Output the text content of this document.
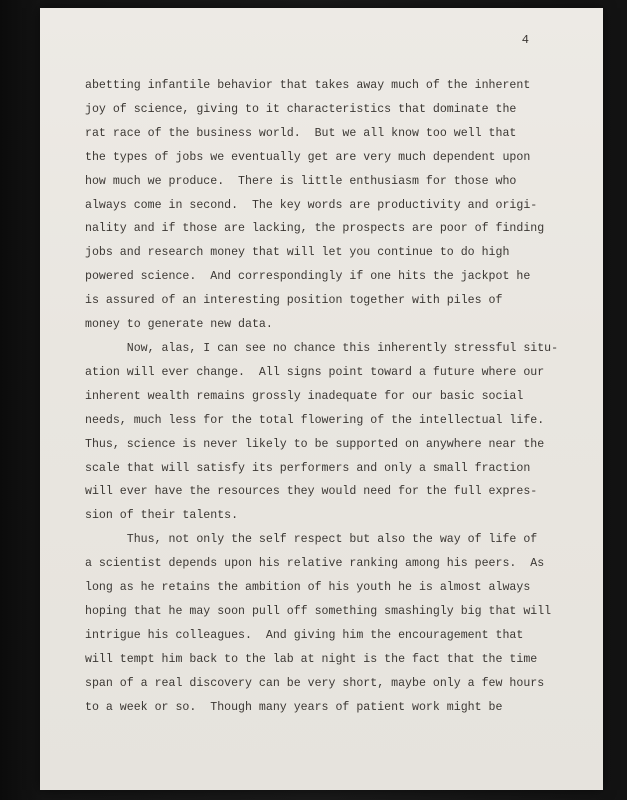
4
abetting infantile behavior that takes away much of the inherent
joy of science, giving to it characteristics that dominate the
rat race of the business world.  But we all know too well that
the types of jobs we eventually get are very much dependent upon
how much we produce.  There is little enthusiasm for those who
always come in second.  The key words are productivity and origi-
nality and if those are lacking, the prospects are poor of finding
jobs and research money that will let you continue to do high
powered science.  And correspondingly if one hits the jackpot he
is assured of an interesting position together with piles of
money to generate new data.
Now, alas, I can see no chance this inherently stressful situ-
ation will ever change.  All signs point toward a future where our
inherent wealth remains grossly inadequate for our basic social
needs, much less for the total flowering of the intellectual life.
Thus, science is never likely to be supported on anywhere near the
scale that will satisfy its performers and only a small fraction
will ever have the resources they would need for the full expres-
sion of their talents.
Thus, not only the self respect but also the way of life of
a scientist depends upon his relative ranking among his peers.  As
long as he retains the ambition of his youth he is almost always
hoping that he may soon pull off something smashingly big that will
intrigue his colleagues.  And giving him the encouragement that
will tempt him back to the lab at night is the fact that the time
span of a real discovery can be very short, maybe only a few hours
to a week or so.  Though many years of patient work might be
